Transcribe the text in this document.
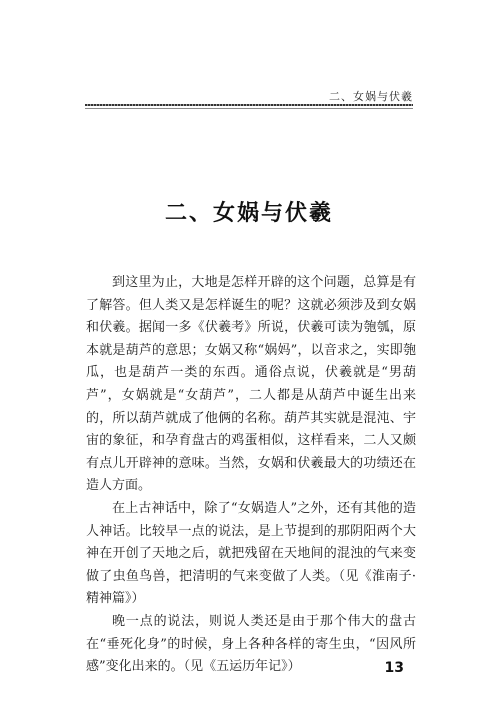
二、女娲与伏羲
二、女娲与伏羲

到这里为止，大地是怎样开辟的这个问题，总算是有了解答。但人类又是怎样诞生的呢？这就必须涉及到女娲和伏羲。据闻一多《伏羲考》所说，伏羲可读为匏瓠，原本就是葫芦的意思；女娲又称“娲妈”，以音求之，实即匏瓜，也是葫芦一类的东西。通俗点说，伏羲就是“男葫芦”，女娲就是“女葫芦”，二人都是从葫芦中诞生出来的，所以葫芦就成了他俩的名称。葫芦其实就是混沌、宇宙的象征，和孕育盘古的鸡蛋相似，这样看来，二人又颇有点儿开辟神的意味。当然，女娲和伏羲最大的功绩还在造人方面。

在上古神话中，除了“女娲造人”之外，还有其他的造人神话。比较早一点的说法，是上节提到的那阴阳两个大神在开创了天地之后，就把残留在天地间的混浊的气来变做了虫鱼鸟兽，把清明的气来变做了人类。（见《淮南子·精神篇》）

晚一点的说法，则说人类还是由于那个伟大的盘古在“垂死化身”的时候，身上各种各样的寄生虫，“因风所感”变化出来的。（见《五运历年记》）	13
